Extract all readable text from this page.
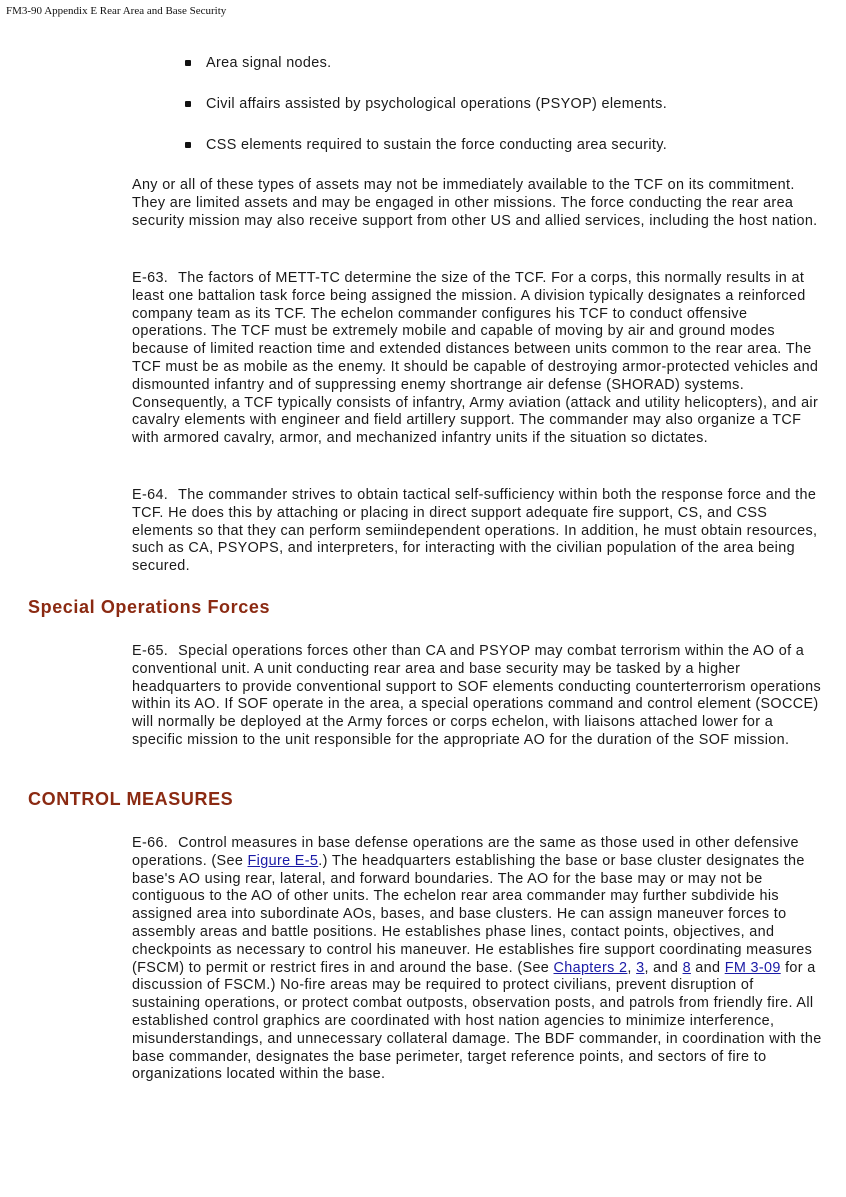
FM3-90 Appendix E Rear Area and Base Security
Area signal nodes.
Civil affairs assisted by psychological operations (PSYOP) elements.
CSS elements required to sustain the force conducting area security.

Any or all of these types of assets may not be immediately available to the TCF on its commitment. They are limited assets and may be engaged in other missions. The force conducting the rear area security mission may also receive support from other US and allied services, including the host nation.

E-63. The factors of METT-TC determine the size of the TCF. For a corps, this normally results in at least one battalion task force being assigned the mission. A division typically designates a reinforced company team as its TCF. The echelon commander configures his TCF to conduct offensive operations. The TCF must be extremely mobile and capable of moving by air and ground modes because of limited reaction time and extended distances between units common to the rear area. The TCF must be as mobile as the enemy. It should be capable of destroying armor-protected vehicles and dismounted infantry and of suppressing enemy shortrange air defense (SHORAD) systems. Consequently, a TCF typically consists of infantry, Army aviation (attack and utility helicopters), and air cavalry elements with engineer and field artillery support. The commander may also organize a TCF with armored cavalry, armor, and mechanized infantry units if the situation so dictates.

E-64. The commander strives to obtain tactical self-sufficiency within both the response force and the TCF. He does this by attaching or placing in direct support adequate fire support, CS, and CSS elements so that they can perform semiindependent operations. In addition, he must obtain resources, such as CA, PSYOPS, and interpreters, for interacting with the civilian population of the area being secured.

Special Operations Forces

E-65. Special operations forces other than CA and PSYOP may combat terrorism within the AO of a conventional unit. A unit conducting rear area and base security may be tasked by a higher headquarters to provide conventional support to SOF elements conducting counterterrorism operations within its AO. If SOF operate in the area, a special operations command and control element (SOCCE) will normally be deployed at the Army forces or corps echelon, with liaisons attached lower for a specific mission to the unit responsible for the appropriate AO for the duration of the SOF mission.

CONTROL MEASURES

E-66. Control measures in base defense operations are the same as those used in other defensive operations. (See Figure E-5.) The headquarters establishing the base or base cluster designates the base's AO using rear, lateral, and forward boundaries. The AO for the base may or may not be contiguous to the AO of other units. The echelon rear area commander may further subdivide his assigned area into subordinate AOs, bases, and base clusters. He can assign maneuver forces to assembly areas and battle positions. He establishes phase lines, contact points, objectives, and checkpoints as necessary to control his maneuver. He establishes fire support coordinating measures (FSCM) to permit or restrict fires in and around the base. (See Chapters 2, 3, and 8 and FM 3-09 for a discussion of FSCM.) No-fire areas may be required to protect civilians, prevent disruption of sustaining operations, or protect combat outposts, observation posts, and patrols from friendly fire. All established control graphics are coordinated with host nation agencies to minimize interference, misunderstandings, and unnecessary collateral damage. The BDF commander, in coordination with the base commander, designates the base perimeter, target reference points, and sectors of fire to organizations located within the base.
